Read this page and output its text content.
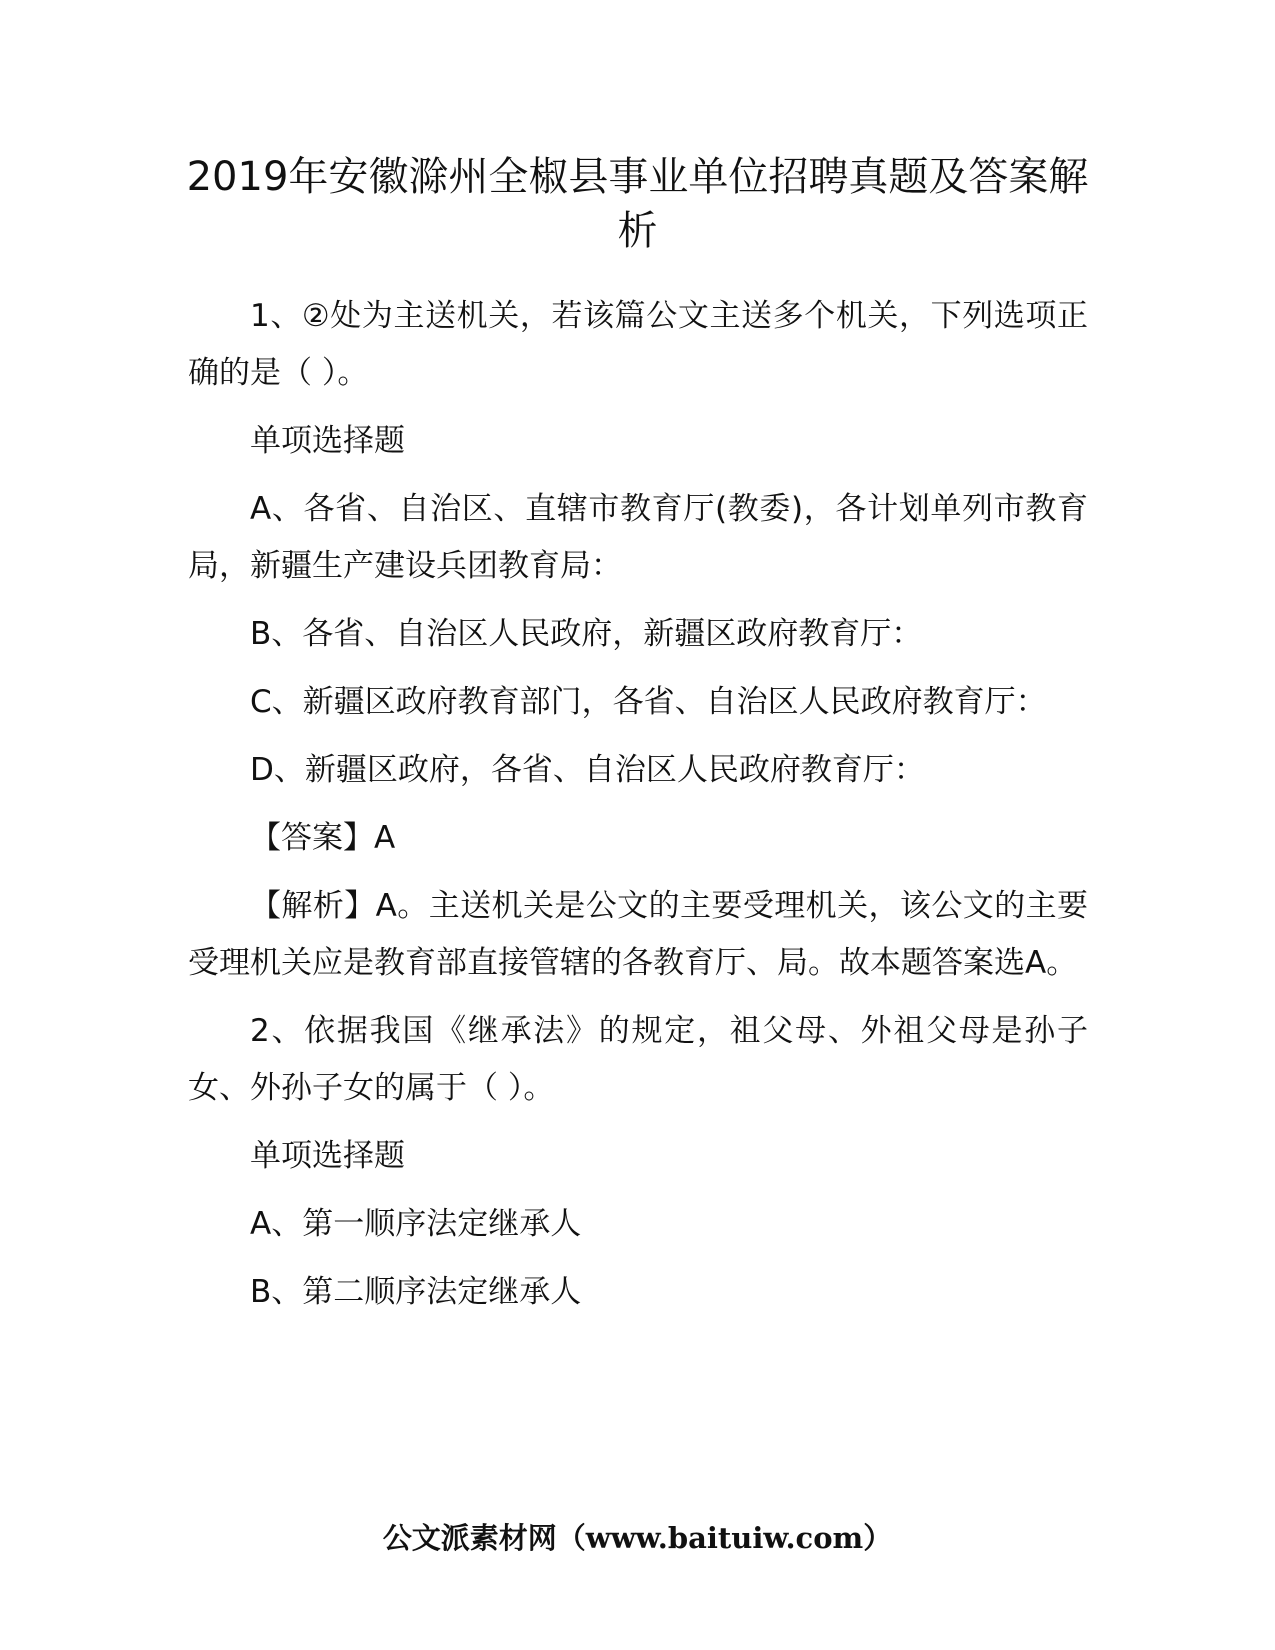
2019年安徽滁州全椒县事业单位招聘真题及答案解析

1、②处为主送机关，若该篇公文主送多个机关，下列选项正确的是（ ）。

单项选择题

A、各省、自治区、直辖市教育厅(教委)，各计划单列市教育局，新疆生产建设兵团教育局：

B、各省、自治区人民政府，新疆区政府教育厅：

C、新疆区政府教育部门，各省、自治区人民政府教育厅：

D、新疆区政府，各省、自治区人民政府教育厅：

【答案】A

【解析】A。主送机关是公文的主要受理机关，该公文的主要受理机关应是教育部直接管辖的各教育厅、局。故本题答案选A。

2、依据我国《继承法》的规定，祖父母、外祖父母是孙子女、外孙子女的属于（ ）。

单项选择题

A、第一顺序法定继承人

B、第二顺序法定继承人

公文派素材网（www.baituiw.com）
